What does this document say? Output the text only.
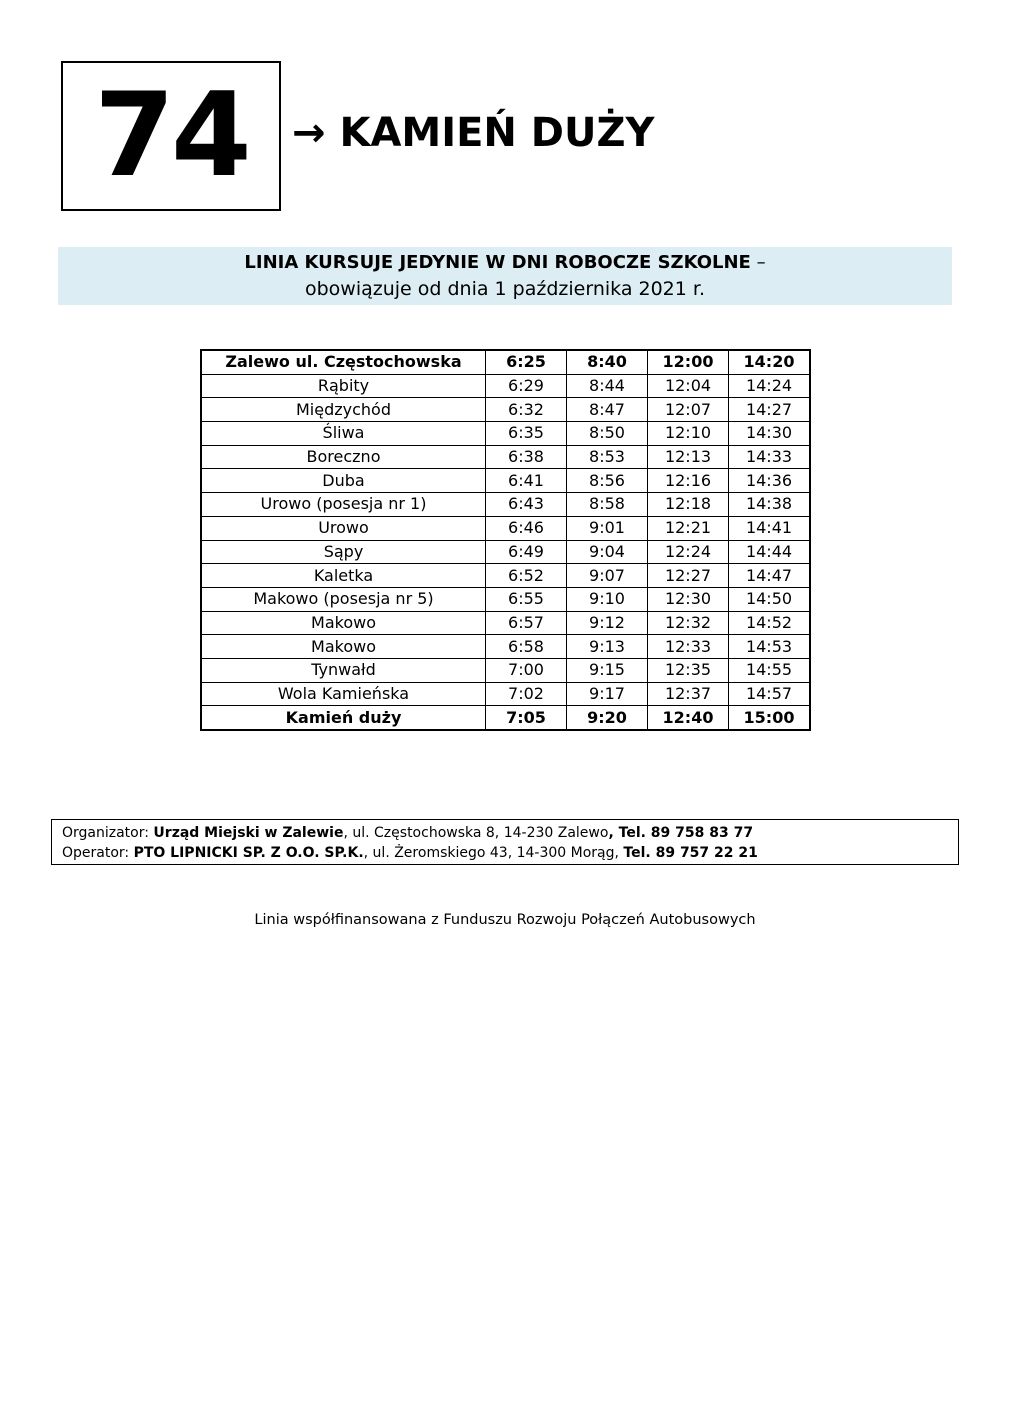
74 → KAMIEŃ DUŻY
LINIA KURSUJE JEDYNIE W DNI ROBOCZE SZKOLNE –
obowiązuje od dnia 1 października 2021 r.
Zalewo ul. Częstochowska	6:25	8:40	12:00	14:20
Rąbity	6:29	8:44	12:04	14:24
Międzychód	6:32	8:47	12:07	14:27
Śliwa	6:35	8:50	12:10	14:30
Boreczno	6:38	8:53	12:13	14:33
Duba	6:41	8:56	12:16	14:36
Urowo (posesja nr 1)	6:43	8:58	12:18	14:38
Urowo	6:46	9:01	12:21	14:41
Sąpy	6:49	9:04	12:24	14:44
Kaletka	6:52	9:07	12:27	14:47
Makowo (posesja nr 5)	6:55	9:10	12:30	14:50
Makowo	6:57	9:12	12:32	14:52
Makowo	6:58	9:13	12:33	14:53
Tynwałd	7:00	9:15	12:35	14:55
Wola Kamieńska	7:02	9:17	12:37	14:57
Kamień duży	7:05	9:20	12:40	15:00
Organizator: Urząd Miejski w Zalewie, ul. Częstochowska 8, 14-230 Zalewo, Tel. 89 758 83 77
Operator: PTO LIPNICKI SP. Z O.O. SP.K., ul. Żeromskiego 43, 14-300 Morąg, Tel. 89 757 22 21
Linia współfinansowana z Funduszu Rozwoju Połączeń Autobusowych
